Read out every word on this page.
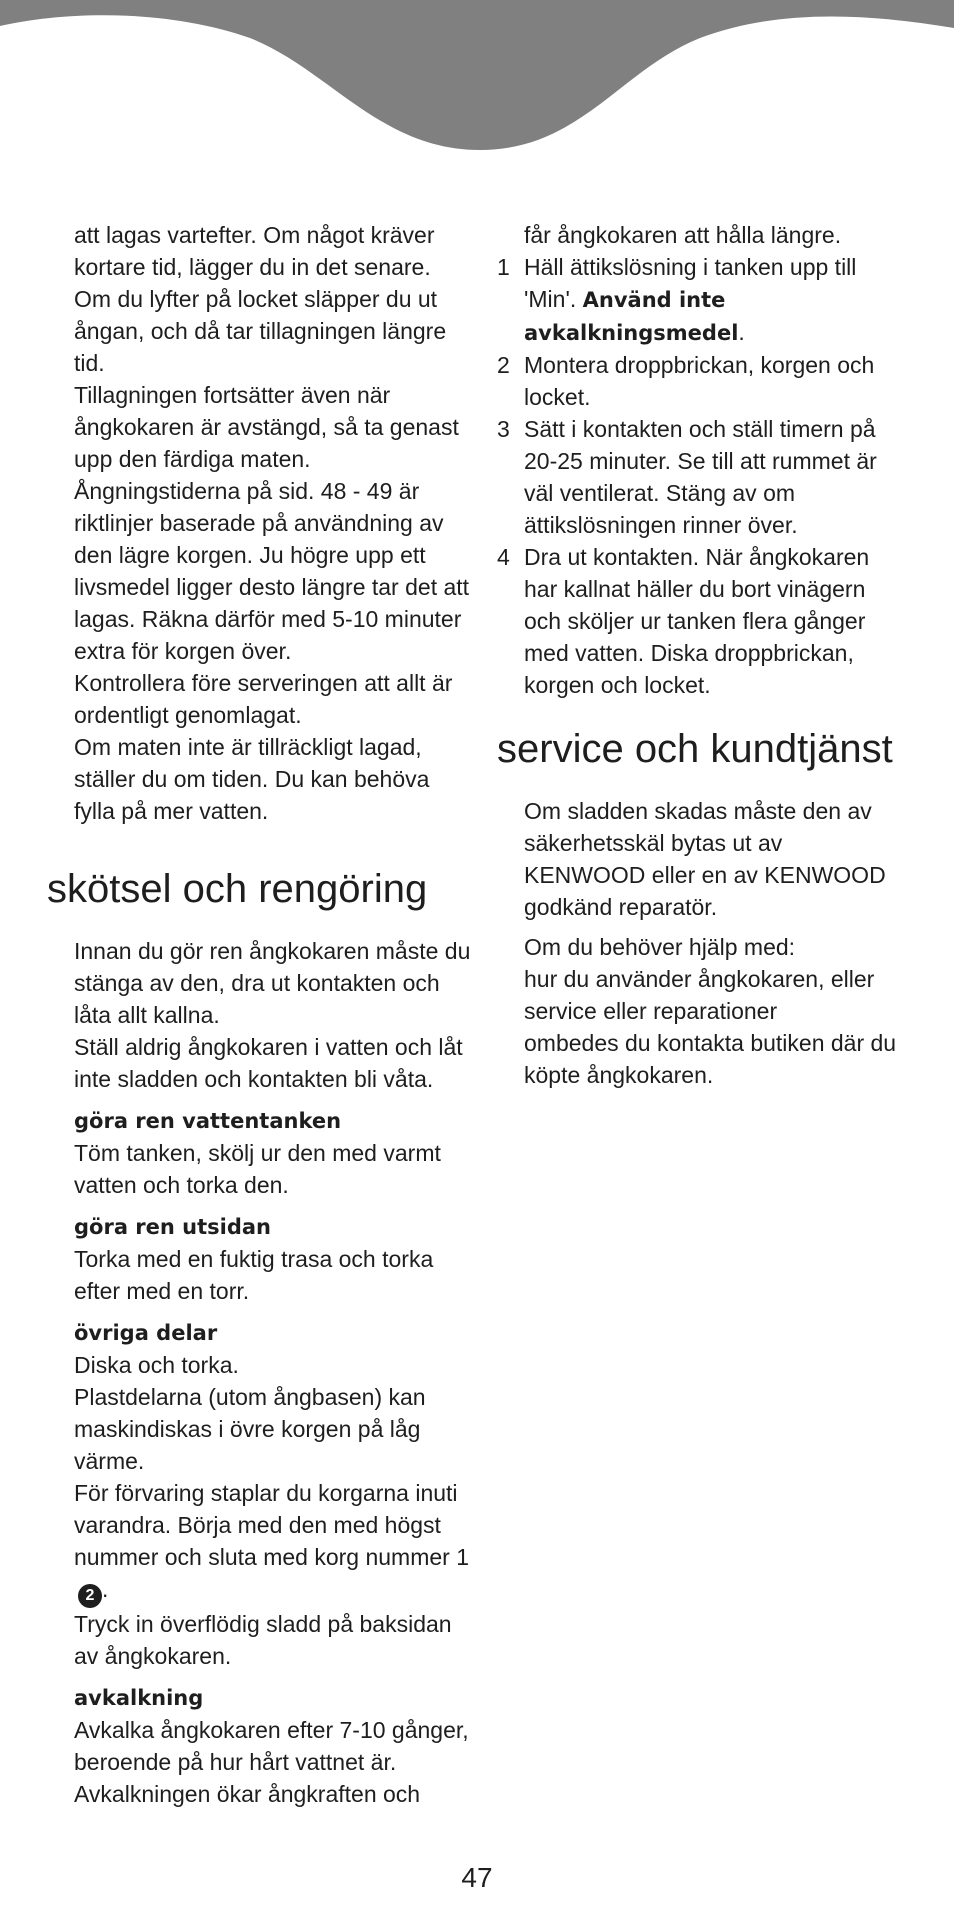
att lagas vartefter. Om något kräver kortare tid, lägger du in det senare. Om du lyfter på locket släpper du ut ångan, och då tar tillagningen längre tid.

Tillagningen fortsätter även när ångkokaren är avstängd, så ta genast upp den färdiga maten.

Ångningstiderna på sid. 48 - 49 är riktlinjer baserade på användning av den lägre korgen. Ju högre upp ett livsmedel ligger desto längre tar det att lagas. Räkna därför med 5-10 minuter extra för korgen över.

Kontrollera före serveringen att allt är ordentligt genomlagat.

Om maten inte är tillräckligt lagad, ställer du om tiden. Du kan behöva fylla på mer vatten.

skötsel och rengöring

Innan du gör ren ångkokaren måste du stänga av den, dra ut kontakten och låta allt kallna.

Ställ aldrig ångkokaren i vatten och låt inte sladden och kontakten bli våta.

göra ren vattentanken

Töm tanken, skölj ur den med varmt vatten och torka den.

göra ren utsidan

Torka med en fuktig trasa och torka efter med en torr.

övriga delar

Diska och torka.

Plastdelarna (utom ångbasen) kan maskindiskas i övre korgen på låg värme.

För förvaring staplar du korgarna inuti varandra. Börja med den med högst nummer och sluta med korg nummer 1 2 .

Tryck in överflödig sladd på baksidan av ångkokaren.

avkalkning

Avkalka ångkokaren efter 7-10 gånger, beroende på hur hårt vattnet är. Avkalkningen ökar ångkraften och

får ångkokaren att hålla längre.

1 Häll ättikslösning i tanken upp till 'Min'. Använd inte avkalkningsmedel.
2 Montera droppbrickan, korgen och locket.
3 Sätt i kontakten och ställ timern på 20-25 minuter. Se till att rummet är väl ventilerat. Stäng av om ättikslösningen rinner över.
4 Dra ut kontakten. När ångkokaren har kallnat häller du bort vinägern och sköljer ur tanken flera gånger med vatten. Diska droppbrickan, korgen och locket.
service och kundtjänst

Om sladden skadas måste den av säkerhetsskäl bytas ut av KENWOOD eller en av KENWOOD godkänd reparatör.

Om du behöver hjälp med:

hur du använder ångkokaren, eller

service eller reparationer

ombedes du kontakta butiken där du köpte ångkokaren.

47
